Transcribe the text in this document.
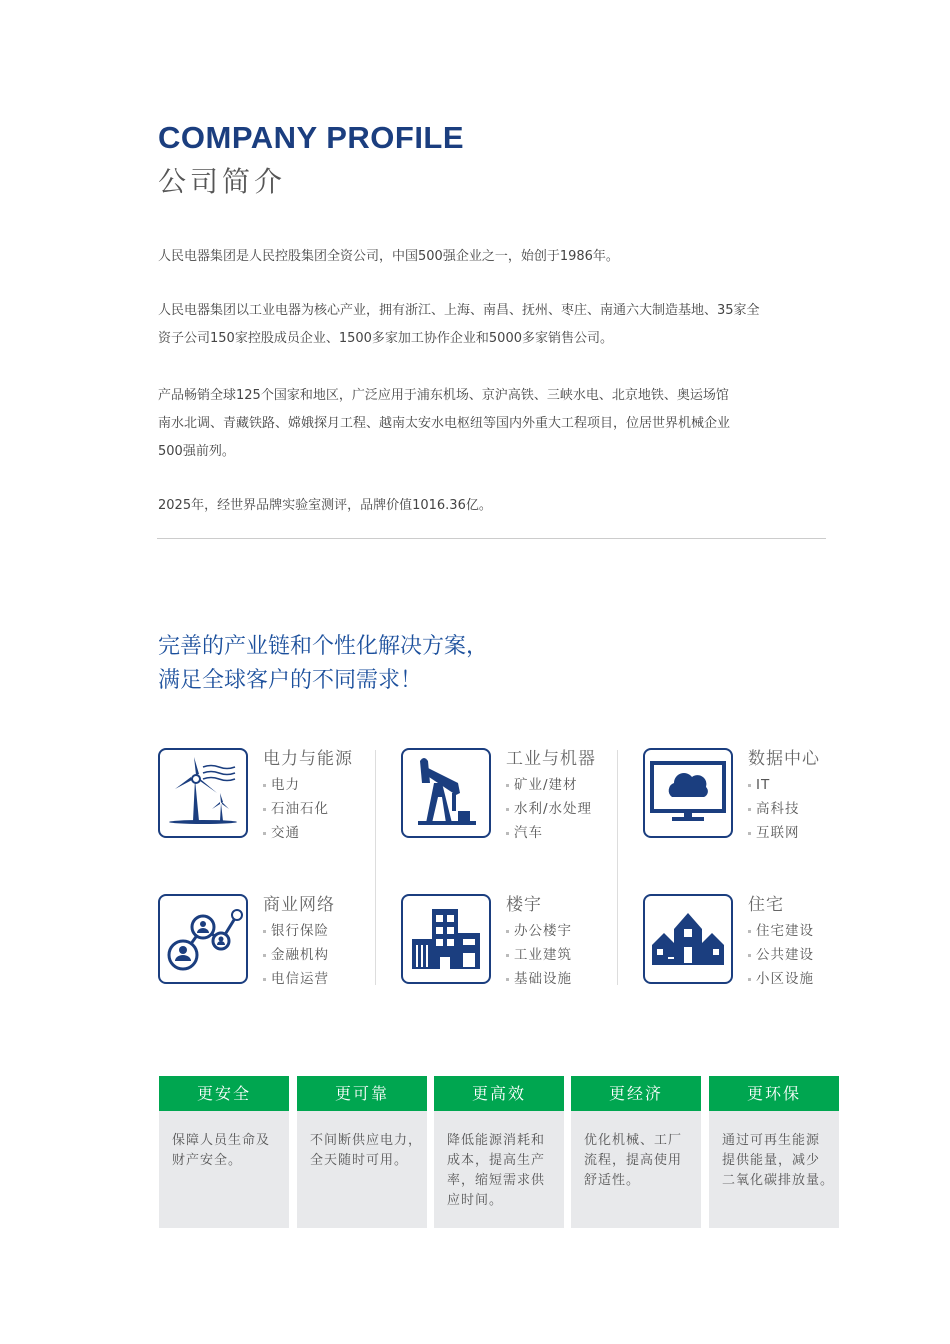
COMPANY PROFILE
公司简介
人民电器集团是人民控股集团全资公司，中国500强企业之一，始创于1986年。
人民电器集团以工业电器为核心产业，拥有浙江、上海、南昌、抚州、枣庄、南通六大制造基地、35家全
资子公司150家控股成员企业、1500多家加工协作企业和5000多家销售公司。
产品畅销全球125个国家和地区，广泛应用于浦东机场、京沪高铁、三峡水电、北京地铁、奥运场馆
南水北调、青藏铁路、嫦娥探月工程、越南太安水电枢纽等国内外重大工程项目，位居世界机械企业
500强前列。
2025年，经世界品牌实验室测评，品牌价值1016.36亿。
完善的产业链和个性化解决方案，
满足全球客户的不同需求！
电力与能源
电力
石油石化
交通
工业与机器
矿业/建材
水利/水处理
汽车
数据中心
IT
高科技
互联网
商业网络
银行保险
金融机构
电信运营
楼宇
办公楼宇
工业建筑
基础设施
住宅
住宅建设
公共建设
小区设施
更安全
保障人员生命及
财产安全。
更可靠
不间断供应电力，
全天随时可用。
更高效
降低能源消耗和
成本，提高生产
率，缩短需求供
应时间。
更经济
优化机械、工厂
流程，提高使用
舒适性。
更环保
通过可再生能源
提供能量，减少
二氧化碳排放量。
